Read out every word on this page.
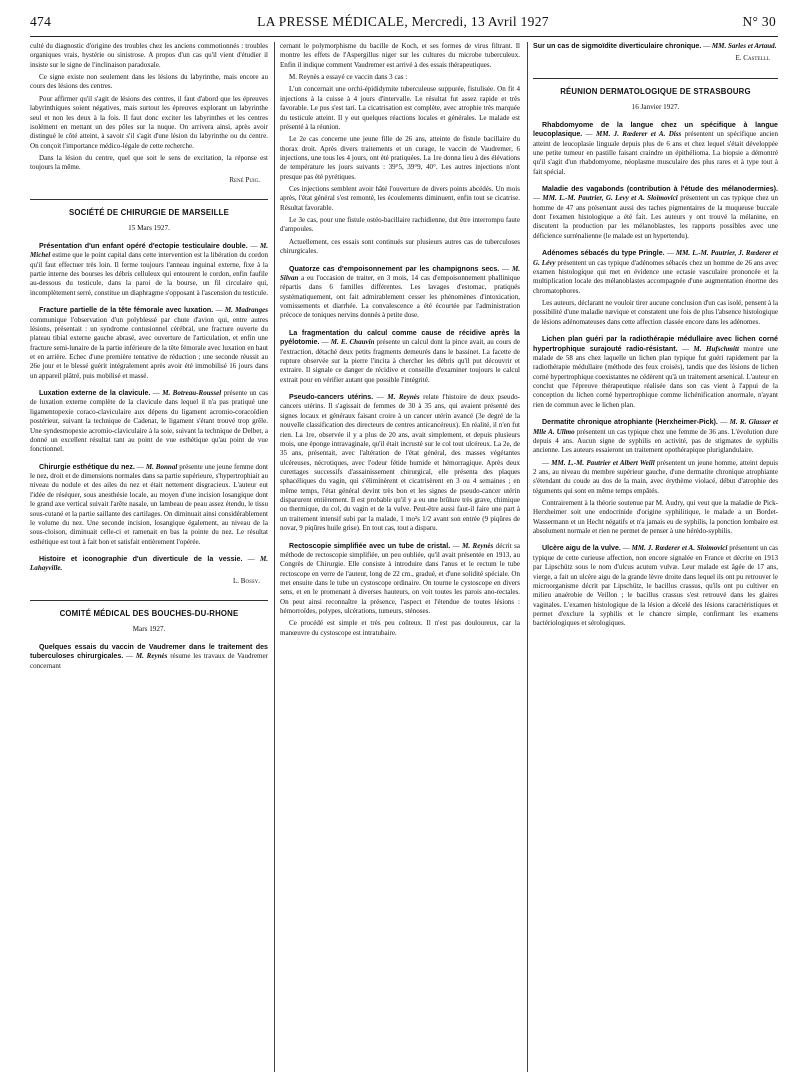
474	LA PRESSE MÉDICALE, Mercredi, 13 Avril 1927	N° 30

culté du diagnostic d'origine des troubles chez les anciens commotionnés : troubles organiques vrais, hystérie ou sinistrose. A propos d'un cas qu'il vient d'étudier il insiste sur le signe de l'inclinaison paradoxale.

Ce signe existe non seulement dans les lésions du labyrinthe, mais encore au cours des lésions des centres.

Pour affirmer qu'il s'agit de lésions des centres, il faut d'abord que les épreuves labyrinthiques soient négatives, mais surtout les épreuves explorant un labyrinthe seul et non les deux à la fois. Il faut donc exciter les labyrinthes et les centres isolément en mettant un des pôles sur la nuque. On arrivera ainsi, après avoir distingué le côté atteint, à savoir s'il s'agit d'une lésion du labyrinthe ou du centre. On conçoit l'importance médico-légale de cette recherche.

Dans la lésion du centre, quel que soit le sens de excitation, la réponse est toujours la même.

René Puig.
SOCIÉTÉ DE CHIRURGIE DE MARSEILLE
15 Mars 1927.

Présentation d'un enfant opéré d'ectopie testiculaire double. — M. Michel estime que le point capital dans cette intervention est la libération du cordon qu'il faut effectuer très loin. Il ferme toujours l'anneau inguinal externe, fixe à la partie interne des bourses les débris celluleux qui entourent le cordon, enfin faufile au-dessous du testicule, dans la paroi de la bourse, un fil circulaire qui, incomplètement serré, constitue un diaphragme s'opposant à l'ascension du testicule.

Fracture partielle de la tête fémorale avec luxation. — M. Madranges communique l'observation d'un polyblessé par chute d'avion qui, entre autres lésions, présentait : un syndrome contusionnel cérébral, une fracture ouverte du plateau tibial externe gauche abrasé, avec ouverture de l'articulation, et enfin une fracture semi-lunaire de la partie inférieure de la tête fémorale avec luxation en haut et en arrière. Echec d'une première tentative de réduction ; une seconde réussit au 26e jour et le blessé guérit intégralement après avoir été immobilisé 16 jours dans un appareil plâtré, puis mobilisé et massé.

Luxation externe de la clavicule. — M. Botreau-Roussel présente un cas de luxation externe complète de la clavicule dans lequel il n'a pas pratiqué une ligamentopexie coraco-claviculaire aux dépens du ligament acromio-coracoïdien postérieur, suivant la technique de Cadenat, le ligament s'étant trouvé trop grêle. Une syndesmopexie acromio-claviculaire à la soie, suivant la technique de Delbet, a donné un excellent résultat tant au point de vue esthétique qu'au point de vue fonctionnel.

Chirurgie esthétique du nez. — M. Bonnal présente une jeune femme dont le nez, droit et de dimensions normales dans sa partie supérieure, s'hypertrophiait au niveau du nodule et des ailes du nez et était nettement disgracieux. L'auteur eut l'idée de réséquer, sous anesthésie locale, au moyen d'une incision losangique dont le grand axe vertical suivait l'arête nasale, un lambeau de peau assez étendu, le tissu sous-cutané et la partie saillante des cartilages. On diminuait ainsi considérablement le volume du nez. Une seconde incision, losangique également, au niveau de la sous-cloison, diminuait celle-ci et ramenait en bas la pointe du nez. Le résultat esthétique est tout à fait bon et satisfait entièrement l'opérée.

Histoire et iconographie d'un diverticule de la vessie. — M. Lahayville.

L. Bossy.
COMITÉ MÉDICAL DES BOUCHES-DU-RHONE
Mars 1927.

Quelques essais du vaccin de Vaudremer dans le traitement des tuberculoses chirurgicales. — M. Reynès résume les travaux de Vaudremer concernant

cernant le polymorphisme du bacille de Koch, et ses formes de virus filtrant. Il montre les effets de l'Aspergillus niger sur les cultures du microbe tuberculeux. Enfin il indique comment Vaudremer est arrivé à des essais thérapeutiques.

M. Reynès a essayé ce vaccin dans 3 cas :

L'un concernait une orchi-épididymite tuberculeuse suppurée, fistulisée. On fit 4 injections à la cuisse à 4 jours d'intervalle. Le résultat fut assez rapide et très favorable. Le pus s'est tari. La cicatrisation est complète, avec atrophie très marquée du testicule atteint. Il y eut quelques réactions locales et générales. Le malade est présenté à la réunion.

Le 2e cas concerne une jeune fille de 26 ans, atteinte de fistule bacillaire du thorax droit. Après divers traitements et un curage, le vaccin de Vaudremer, 6 injections, une tous les 4 jours, ont été pratiquées. La 1re donna lieu à des élévations de température les jours suivants : 39°5, 39°9, 40°. Les autres injections n'ont presque pas été pyrétiques.

Ces injections semblent avoir hâté l'ouverture de divers points abcédés. Un mois après, l'état général s'est remonté, les écoulements diminuent, enfin tout se cicatrise. Résultat favorable.

Le 3e cas, pour une fistule ostéo-bacillaire rachidienne, dut être interrompu faute d'ampoules.

Actuellement, ces essais sont continués sur plusieurs autres cas de tuberculoses chirurgicales.

Quatorze cas d'empoisonnement par les champignons secs. — M. Silvan a eu l'occasion de traiter, en 3 mois, 14 cas d'empoisonnement phallinique répartis dans 6 familles différentes. Les lavages d'estomac, pratiqués systématiquement, ont fait admirablement cesser les phénomènes d'intoxication, vomissements et diarrhée. La convalescence a été écourtée par l'administration précoce de toniques nervins donnés à petite dose.

La fragmentation du calcul comme cause de récidive après la pyélotomie. — M. E. Chauvin présente un calcul dont la pince avait, au cours de l'extraction, détaché deux petits fragments demeurés dans le bassinet. La facette de rupture observée sur la pierre l'incita à chercher les débris qu'il put découvrir et extraire. Il signale ce danger de récidive et conseille d'examiner toujours le calcul extrait pour en vérifier autant que possible l'intégrité.

Pseudo-cancers utérins. — M. Reynès relate l'histoire de deux pseudo-cancers utérins. Il s'agissait de femmes de 30 à 35 ans, qui avaient présenté des signes locaux et généraux faisant croire à un cancer utérin avancé (3e degré de la nouvelle classification des directeurs de centres anticancéreux). En réalité, il n'en fut rien. La 1re, observée il y a plus de 20 ans, avait simplement, et depuis plusieurs mois, une éponge intravaginale, qu'il était incrusté sur le col tout ulcéreux. La 2e, de 35 ans, présentait, avec l'altération de l'état général, des masses végétantes ulcéreuses, nécrotiques, avec l'odeur fétide humide et hémorragique. Après deux curettages successifs d'assainissement chirurgical, elle présenta des plaques sphacéliques du vagin, qui s'éliminèrent et cicatrisèrent en 3 ou 4 semaines ; en même temps, l'état général devint très bon et les signes de pseudo-cancer utérin disparurent entièrement. Il est probable qu'il y a eu une brûlure très grave, chimique ou thermique, du col, du vagin et de la vulve. Peut-être aussi faut-il faire une part à un traitement intensif subi par la malade, 1 mo²s 1/2 avant son entrée (9 piqûres de novar, 9 piqûres huile grise). En tout cas, tout a disparu.

Rectoscopie simplifiée avec un tube de cristal. — M. Reynès décrit sa méthode de rectoscopie simplifiée, un peu oubliée, qu'il avait présentée en 1913, au Congrès de Chirurgie. Elle consiste à introduire dans l'anus et le rectum le tube rectoscope en verre de l'auteur, long de 22 cm., gradué, et d'une solidité spéciale. On met ensuite dans le tube un cystoscope ordinaire. On tourne le cystoscope en divers sens, et en le promenant à diverses hauteurs, on voit toutes les parois ano-rectales. On peut ainsi reconnaître la présence, l'aspect et l'étendue de toutes lésions : hémorroïdes, polypes, ulcérations, tumeurs, sténoses.

Ce procédé est simple et très peu coûteux. Il n'est pas douloureux, car la manœuvre du cystoscope est intratubaire.

Sur un cas de sigmoïdite diverticulaire chronique. — MM. Sarles et Artaud.

E. Castelli.
RÉUNION DERMATOLOGIQUE DE STRASBOURG
16 Janvier 1927.

Rhabdomyome de la langue chez un spécifique à langue leucoplasique. — MM. J. Rœderer et A. Diss présentent un spécifique ancien atteint de leucoplasie linguale depuis plus de 6 ans et chez lequel s'était développée une petite tumeur en pastille faisant craindre un épithélioma. La biopsie a démontré qu'il s'agit d'un rhabdomyome, néoplasme musculaire des plus rares et à type tout à fait spécial.

Maladie des vagabonds (contribution à l'étude des mélanodermies). — MM. L.-M. Pautrier, G. Levy et A. Sloimovici présentent un cas typique chez un homme de 47 ans présentant aussi des taches pigmentaires de la muqueuse buccale dont l'examen histologique a été fait. Les auteurs y ont trouvé la mélanine, en discutent la production par les mélanoblastes, les rapports possibles avec une déficience surrénalienne (le malade est un hypertendu).

Adénomes sébacés du type Pringle. — MM. L.-M. Pautrier, J. Rœderer et G. Lévy présentent un cas typique d'adénomes sébacés chez un homme de 26 ans avec examen histologique qui met en évidence une ectasie vasculaire prononcée et la multiplication locale des mélanoblastes accompagnée d'une augmentation énorme des chromatophores.

Les auteurs, déclarant ne vouloir tirer aucune conclusion d'un cas isolé, pensent à la possibilité d'une maladie nævique et constatent une fois de plus l'absence histologique de lésions adénomateuses dans cette affection classée encore dans les adénomes.

Lichen plan guéri par la radiothérapie médullaire avec lichen corné hypertrophique surajouté radio-résistant. — M. Hufschmitt montre une malade de 58 ans chez laquelle un lichen plan typique fut guéri rapidement par la radiothérapie médullaire (méthode des feux croisés), tandis que des lésions de lichen corné hypertrophique coexistantes ne cédèrent qu'à un traitement arsenical. L'auteur en conclut que l'épreuve thérapeutique réalisée dans son cas vient à l'appui de la conception du lichen corné hypertrophique comme lichénification anormale, n'ayant rien de commun avec le lichen plan.

Dermatite chronique atrophiante (Herxheimer-Pick). — M. R. Glasser et Mlle A. Ullmo présentent un cas typique chez une femme de 36 ans. L'évolution dure depuis 4 ans. Aucun signe de syphilis en activité, pas de stigmates de syphilis ancienne. Les auteurs essaieront un traitement opothérapique pluriglandulaire.

— MM. L.-M. Pautrier et Albert Weill présentent un jeune homme, atteint depuis 2 ans, au niveau du membre supérieur gauche, d'une dermatite chronique atrophiante s'étendant du coude au dos de la main, avec érythème violacé, début d'atrophie des téguments qui sont en même temps empâtés.

Contrairement à la théorie soutenue par M. Audry, qui veut que la maladie de Pick-Herxheimer soit une endocrinide d'origine syphilitique, le malade a un Bordet-Wassermann et un Hecht négatifs et n'a jamais eu de syphilis, la ponction lombaire est absolument normale et rien ne permet de penser à une hérédo-syphilis.

Ulcère aigu de la vulve. — MM. J. Rœderer et A. Sloimovici présentent un cas typique de cette curieuse affection, non encore signalée en France et décrite en 1913 par Lipschütz sous le nom d'ulcus acutum vulvæ. Leur malade est âgée de 17 ans, vierge, a fait un ulcère aigu de la grande lèvre droite dans lequel ils ont pu retrouver le microorganisme décrit par Lipschütz, le bacillus crassus, qu'ils ont pu cultiver en milieu anaérobie de Veillon ; le bacillus crassus s'est retrouvé dans les glaires vaginales. L'examen histologique de la lésion a décelé des lésions caractéristiques et permet d'exclure la syphilis et le chancre simple, confirmant les examens bactériologiques et sérologiques.
